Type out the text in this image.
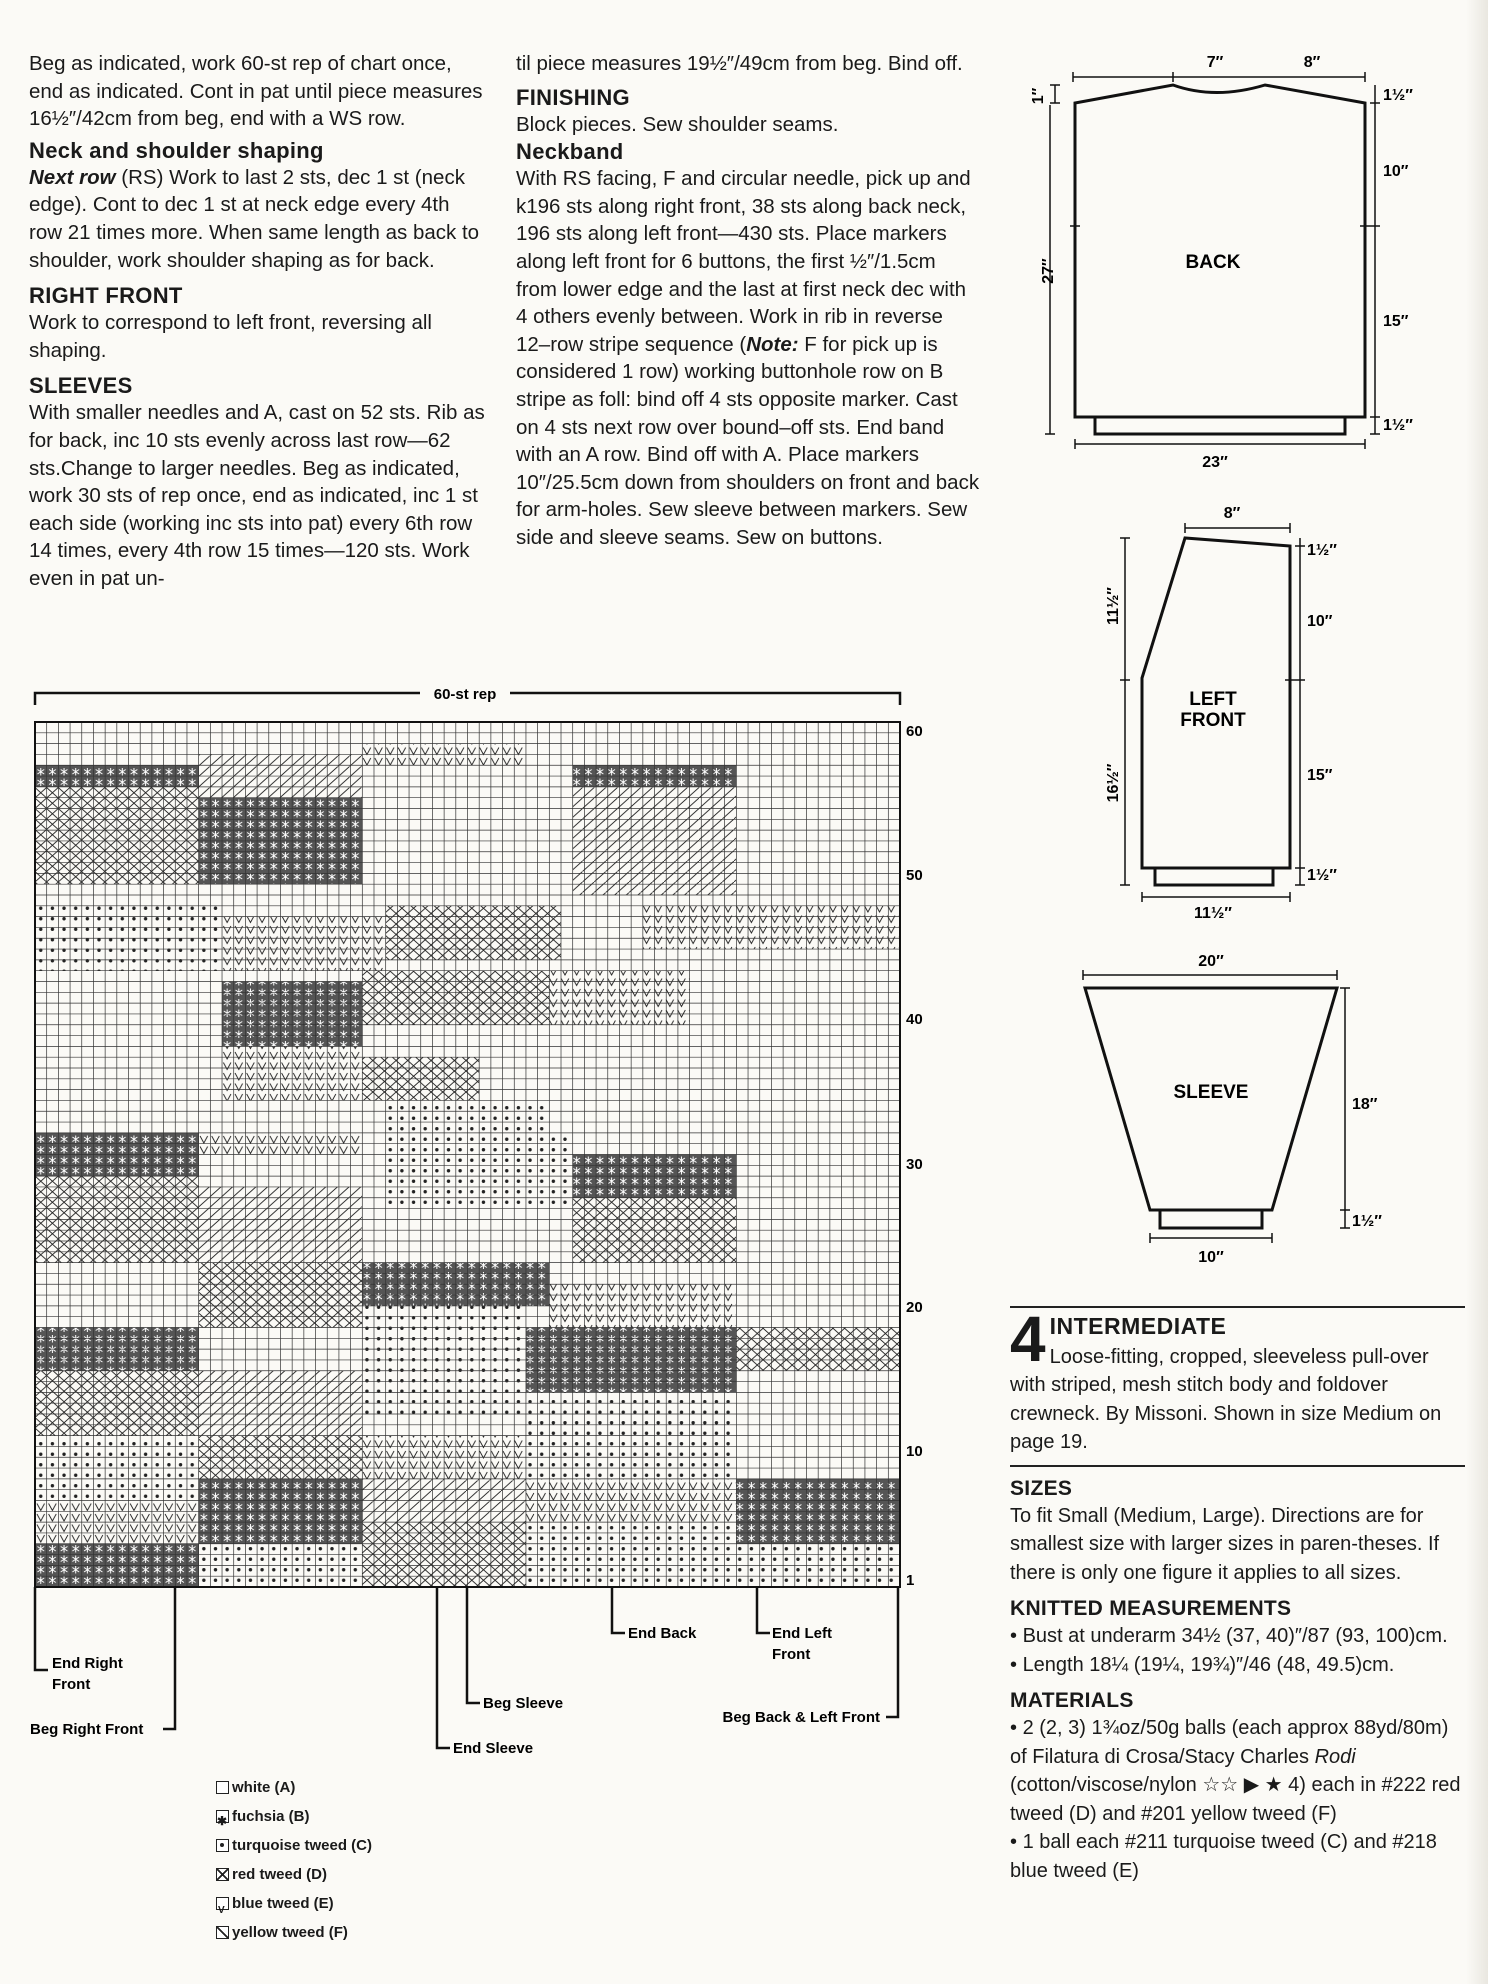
Beg as indicated, work 60-st rep of chart once, end as indicated. Cont in pat until piece measures 16½″/42cm from beg, end with a WS row.

Neck and shoulder shaping

Next row (RS) Work to last 2 sts, dec 1 st (neck edge). Cont to dec 1 st at neck edge every 4th row 21 times more. When same length as back to shoulder, work shoulder shaping as for back.

RIGHT FRONT

Work to correspond to left front, reversing all shaping.

SLEEVES

With smaller needles and A, cast on 52 sts. Rib as for back, inc 10 sts evenly across last row—62 sts.Change to larger needles. Beg as indicated, work 30 sts of rep once, end as indicated, inc 1 st each side (working inc sts into pat) every 6th row 14 times, every 4th row 15 times—120 sts. Work even in pat un-

til piece measures 19½″/49cm from beg. Bind off.

FINISHING

Block pieces. Sew shoulder seams.

Neckband

With RS facing, F and circular needle, pick up and k196 sts along right front, 38 sts along back neck, 196 sts along left front—430 sts. Place markers along left front for 6 buttons, the first ½″/1.5cm from lower edge and the last at first neck dec with 4 others evenly between. Work in rib in reverse 12–row stripe sequence (Note: F for pick up is considered 1 row) working buttonhole row on B stripe as foll: bind off 4 sts opposite marker. Cast on 4 sts next row over bound–off sts. End band with an A row. Bind off with A. Place markers 10″/25.5cm down from shoulders on front and back for arm-holes. Sew sleeve between markers. Sew side and sleeve seams. Sew on buttons.

60-st rep
60
50
40
30
20
10
1
End Right Front
Beg Right Front
End Sleeve
Beg Sleeve
End Back	End Left Front
Beg Back & Left Front
BACK
7″	8″
1″	1½″
10″
15″
1½″
27″
23″
LEFT
FRONT
8″
1½″
10″
15″
1½″
11½″
16½″
11½″
SLEEVE
20″
18″
1½″
10″
white (A)
✱
fuchsia (B)
turquoise tweed (C)
red tweed (D)
V
blue tweed (E)
yellow tweed (F)
4 INTERMEDIATE
Loose-fitting, cropped, sleeveless pull-over with striped, mesh stitch body and foldover crewneck. By Missoni. Shown in size Medium on page 19.
SIZES
To fit Small (Medium, Large). Directions are for smallest size with larger sizes in paren-theses. If there is only one figure it applies to all sizes.
KNITTED MEASUREMENTS
• Bust at underarm 34½ (37, 40)″/87 (93, 100)cm.
• Length 18¼ (19¼, 19¾)″/46 (48, 49.5)cm.
MATERIALS
• 2 (2, 3) 1¾oz/50g balls (each approx 88yd/80m) of Filatura di Crosa/Stacy Charles Rodi (cotton/viscose/nylon ☆☆ ▶ ★ 4) each in #222 red tweed (D) and #201 yellow tweed (F)
• 1 ball each #211 turquoise tweed (C) and #218 blue tweed (E)
